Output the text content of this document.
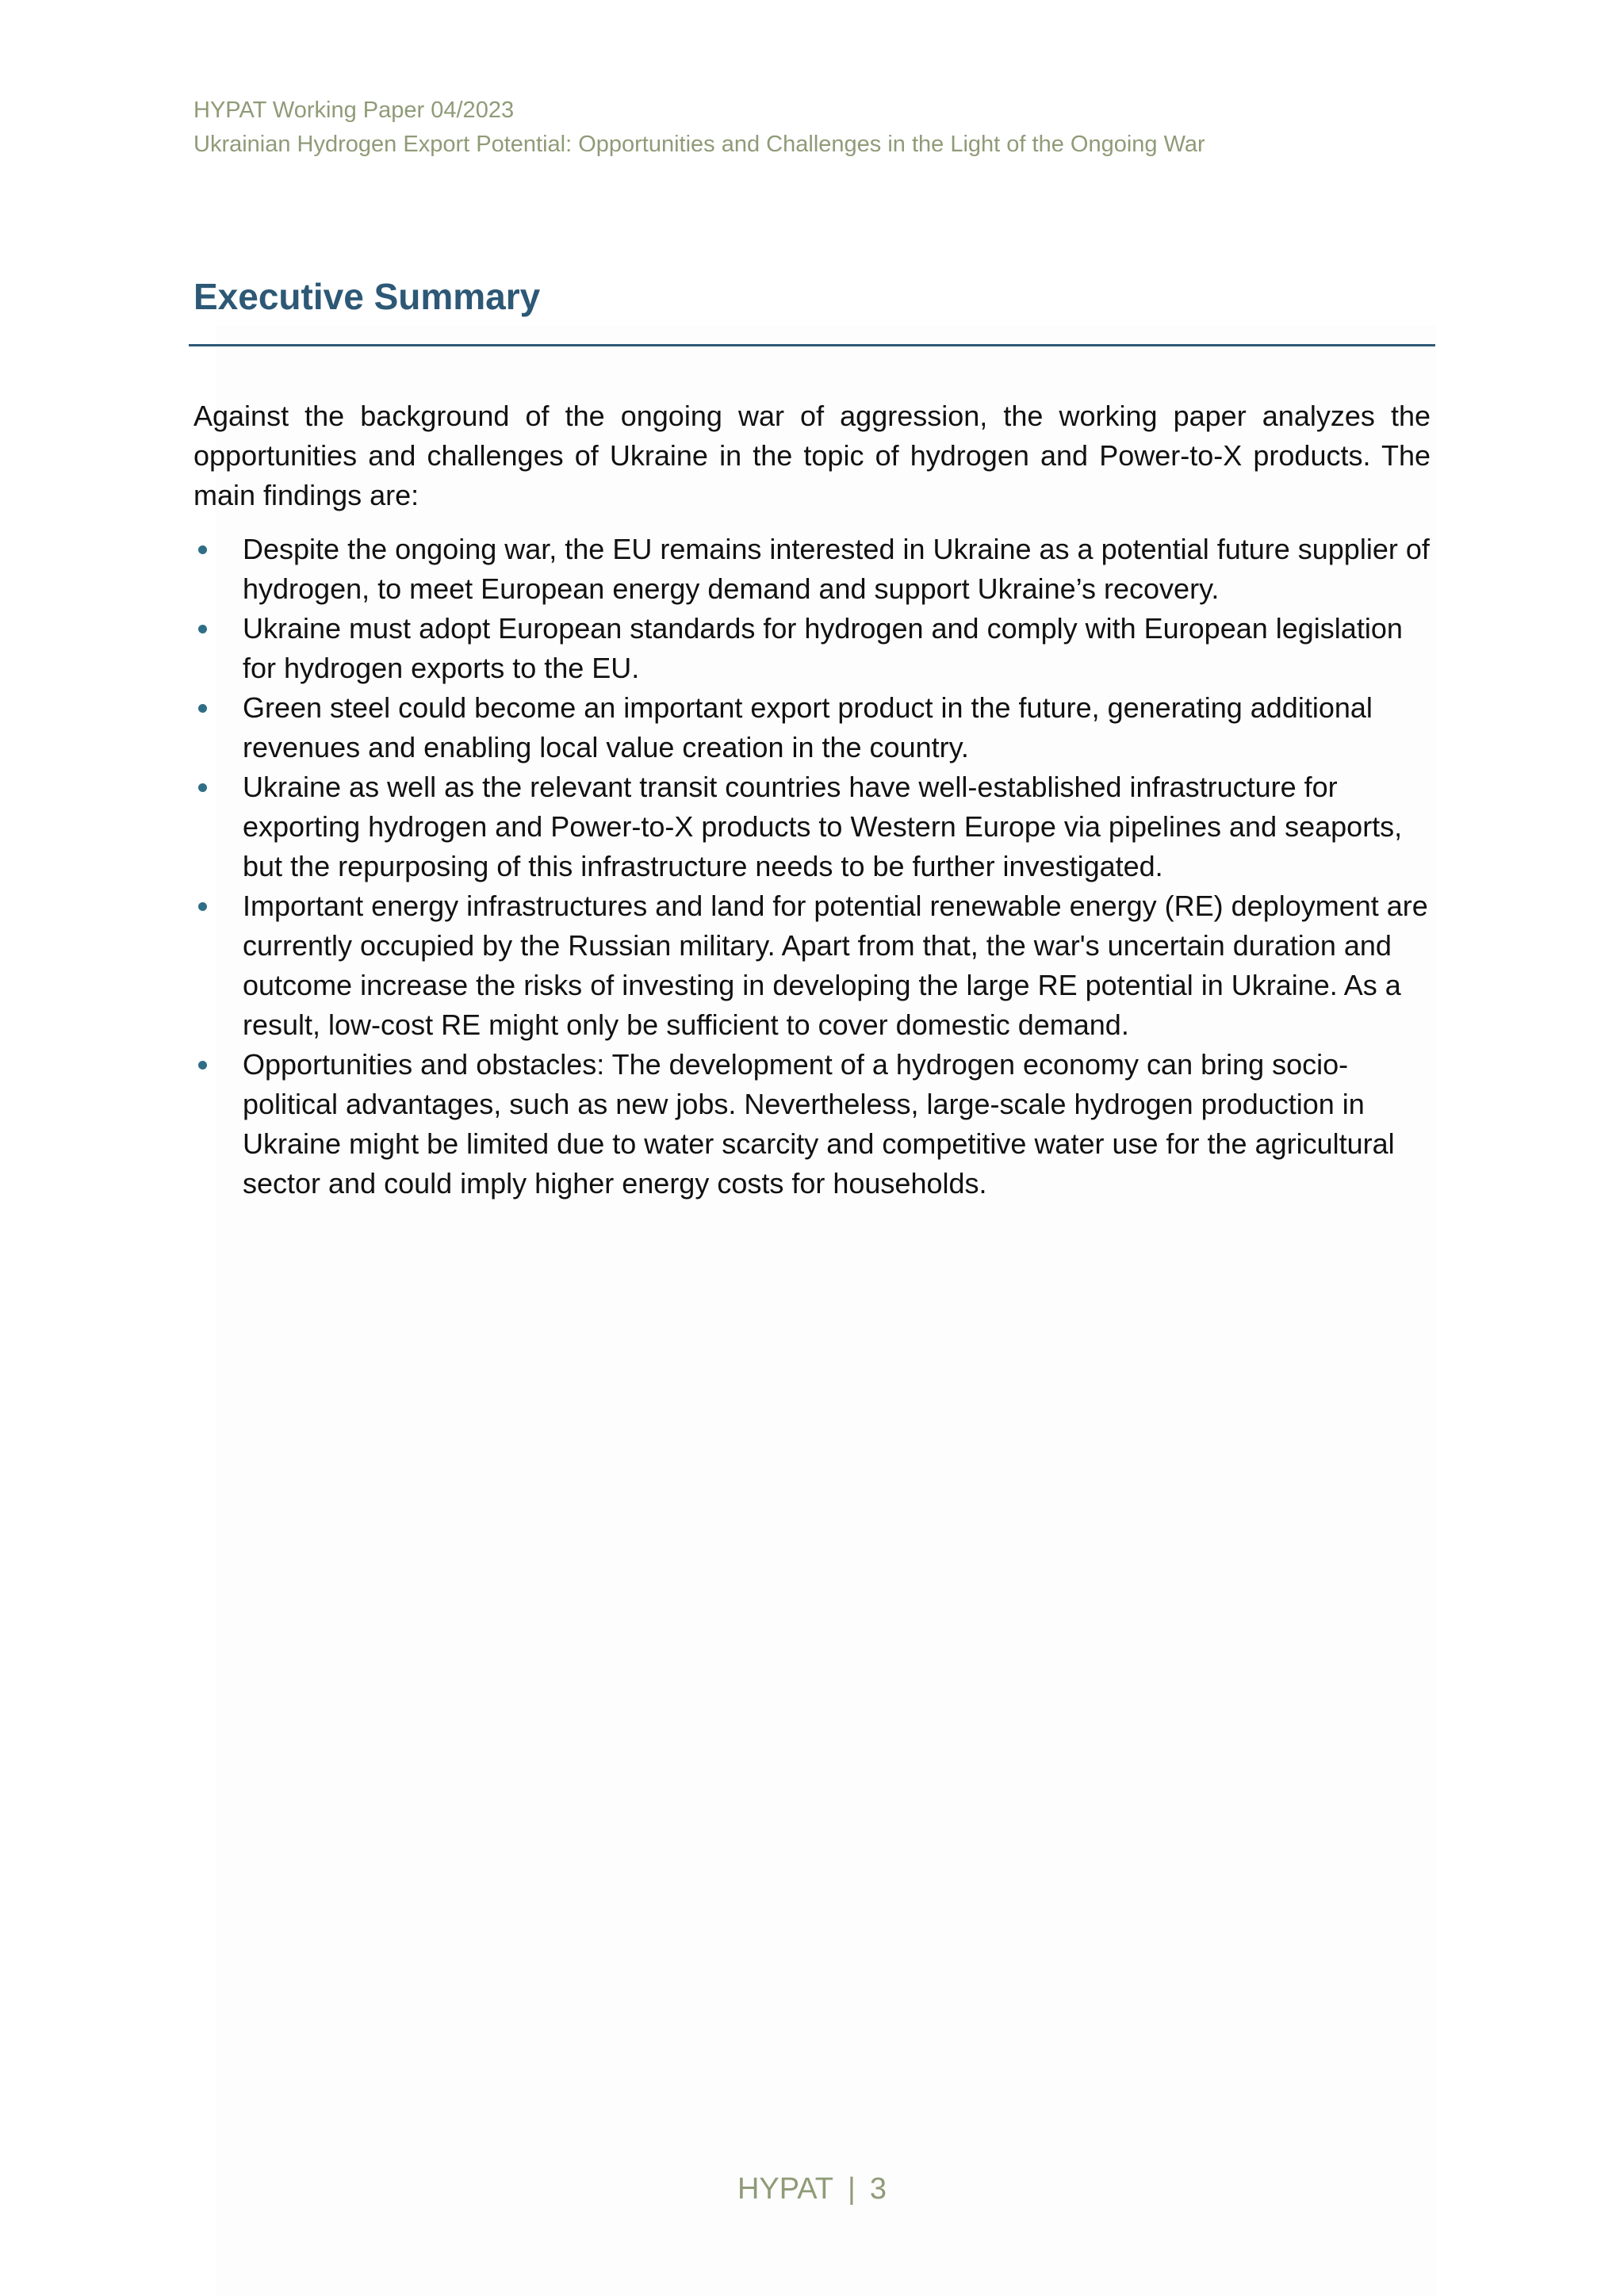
HYPAT Working Paper 04/2023
Ukrainian Hydrogen Export Potential: Opportunities and Challenges in the Light of the Ongoing War
Executive Summary

Against the background of the ongoing war of aggression, the working paper analyzes the opportunities and challenges of Ukraine in the topic of hydrogen and Power-to-X products. The main findings are:

Despite the ongoing war, the EU remains interested in Ukraine as a potential future supplier of hydrogen, to meet European energy demand and support Ukraine’s recovery.
Ukraine must adopt European standards for hydrogen and comply with European legislation for hydrogen exports to the EU.
Green steel could become an important export product in the future, generating additional revenues and enabling local value creation in the country.
Ukraine as well as the relevant transit countries have well-established infrastructure for exporting hydrogen and Power-to-X products to Western Europe via pipelines and seaports, but the repurposing of this infrastructure needs to be further investigated.
Important energy infrastructures and land for potential renewable energy (RE) deployment are currently occupied by the Russian military. Apart from that, the war's uncertain duration and outcome increase the risks of investing in developing the large RE potential in Ukraine. As a result, low-cost RE might only be sufficient to cover domestic demand.
Opportunities and obstacles: The development of a hydrogen economy can bring socio-political advantages, such as new jobs. Nevertheless, large-scale hydrogen production in Ukraine might be limited due to water scarcity and competitive water use for the agricultural sector and could imply higher energy costs for households.
HYPAT | 3
